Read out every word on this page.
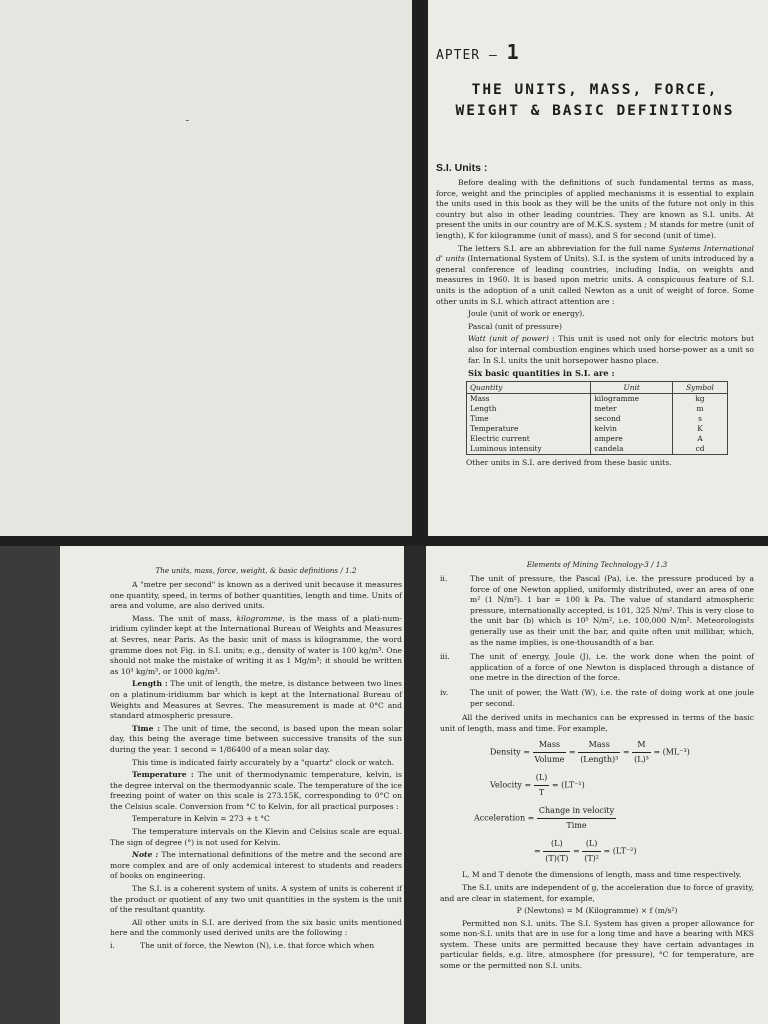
ـ
APTER – 1
THE UNITS, MASS, FORCE,
WEIGHT & BASIC DEFINITIONS
S.I. Units :

Before dealing with the definitions of such fundamental terms as mass, force, weight and the principles of applied mechanisms it is essential to explain the units used in this book as they will be the units of the future not only in this country but also in other leading countries. They are known as S.I. units. At present the units in our country are of M.K.S. system ; M stands for metre (unit of length), K for kilogramme (unit of mass), and S for second (unit of time).

The letters S.I. are an abbreviation for the full name Systems International d' units (International System of Units). S.I. is the system of units introduced by a general conference of leading countries, including India, on weights and measures in 1960. It is based upon metric units. A conspicuous feature of S.I. units is the adoption of a unit called Newton as a unit of weight of force. Some other units in S.I. which attract attention are :

Joule (unit of work or energy).

Pascal (unit of pressure)

Watt (unit of power) : This unit is used not only for electric motors but also for internal combustion engines which used horse-power as a unit so far. In S.I. units the unit horsepower hasno place.

Six basic quantities in S.I. are :

Quantity	Unit	Symbol
Mass	kilogramme	kg
Length	meter	m
Time	second	s
Temperature	kelvin	K
Electric current	ampere	A
Luminous intensity	candela	cd

Other units in S.I. are derived from these basic units.

The units, mass, force, weight, & basic definitions / 1.2

A "metre per second" is known as a derived unit because it measures one quantity, speed, in terms of bother quantities, length and time. Units of area and volume, are also derived units.

Mass. The unit of mass, kilogramme, is the mass of a plati-num-iridium cylinder kept at the International Bureau of Weights and Measures at Sevres, near Paris. As the basic unit of mass is kilogramme, the word gramme does not Fig. in S.I. units; e.g., density of water is 100 kg/m³. One should not make the mistake of writing it as 1 Mg/m³; it should be written as 10³ kg/m³, or 1000 kg/m³.

Length : The unit of length, the metre, is distance between two lines on a platinum-iridiumm bar which is kept at the International Bureau of Weights and Measures at Sevres. The measurement is made at 0°C and standard atmospheric pressure.

Time : The unit of time, the second, is based upon the mean solar day, this being the average time between successive transits of the sun during the year. 1 second = 1/86400 of a mean solar day.

This time is indicated fairly accurately by a "quartz" clock or watch.

Temperature : The unit of thermodynamic temperature, kelvin, is the degree interval on the thermodyannic scale. The temperature of the ice freezing point of water on this scale is 273.15K, corresponding to 0°C on the Celsius scale. Conversion from °C to Kelvin, for all practical purposes :

Temperature in Kelvin = 273 + t °C

The temperature intervals on the Klevin and Celsius scale are equal. The sign of degree (°) is not used for Kelvin.

Note : The international definitions of the metre and the second are more complex and are of only acdemical interest to students and readers of books on engineering.

The S.I. is a coherent system of units. A system of units is coherent if the product or quotient of any two unit quantities in the system is the unit of the resultant quantity.

All other units in S.I. are derived from the six basic units mentioned here and the commonly used derived units are the following :

i.	The unit of force, the Newton (N), i.e. that force which when
Elements of Mining Technology-3 / 1.3
ii.	The unit of pressure, the Pascal (Pa), i.e. the pressure produced by a force of one Newton applied, uniformly distributed, over an area of one m² (1 N/m²). 1 bar = 100 k Pa. The value of standard atmospheric pressure, internationally accepted, is 101, 325 N/m². This is very close to the unit bar (b) which is 10⁵ N/m², i.e. 100,000 N/m². Meteorologists generally use as their unit the bar, and quite often unit millibar, which, as the name implies, is one-thousandth of a bar.
iii.	The unit of energy, Joule (J), i.e. the work done when the point of application of a force of one Newton is displaced through a distance of one metre in the direction of the force.
iv.	The unit of power, the Watt (W), i.e. the rate of doing work at one joule per second.

All the derived units in mechanics can be expressed in terms of the basic unit of length, mass and time. For example,

Density = $\frac{\text{Mass}}{\text{Volume}} = \frac{\text{Mass}}{\text{(Length)³}} = \frac{M}{\text{(L)³}} = (ML^{-3})$
Velocity = $\frac{(L)}{T} = (LT^{-1})$
Acceleration = $\frac{\text{Change in velocity}}{\text{Time}}$
= $\frac{(L)}{(T)(T)} = \frac{(L)}{\text{(T)²}} = (LT^{-2})$

L, M and T denote the dimensions of length, mass and time respectively.

The S.I. units are independent of g, the acceleration due to force of gravity, and are clear in statement, for example,

P (Newtons) = M (Kilogramme) × f (m/s²)

Permitted non S.I. units. The S.I. System has given a proper allowance for some non-S.I. units that are in use for a long time and have a bearing with MKS system. These units are permitted because they have certain advantages in particular fields, e.g. litre, atmosphere (for pressure), °C for temperature, are some or the permitted non S.I. units.
